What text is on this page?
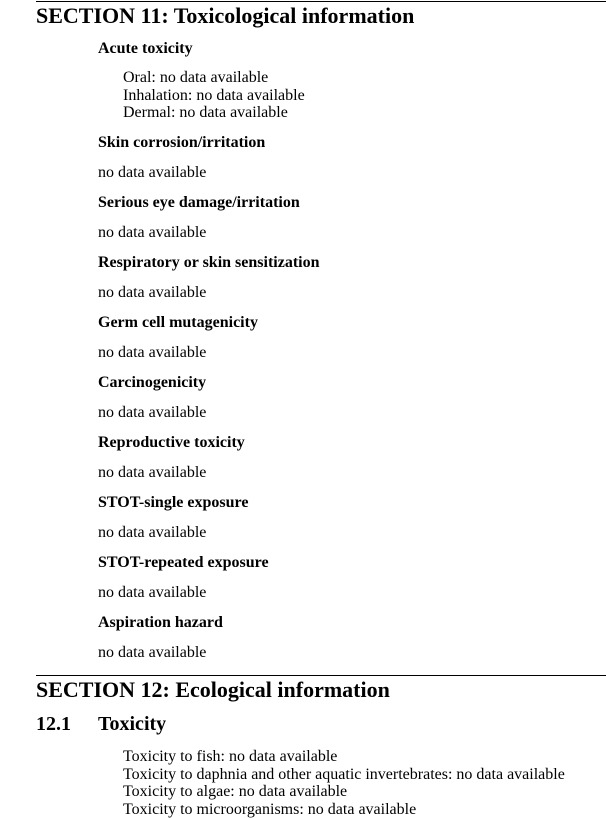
SECTION 11: Toxicological information
Acute toxicity
Oral: no data available
Inhalation: no data available
Dermal: no data available
Skin corrosion/irritation

no data available

Serious eye damage/irritation

no data available

Respiratory or skin sensitization

no data available

Germ cell mutagenicity

no data available

Carcinogenicity

no data available

Reproductive toxicity

no data available

STOT-single exposure

no data available

STOT-repeated exposure

no data available

Aspiration hazard

no data available

SECTION 12: Ecological information
12.1 Toxicity
Toxicity to fish: no data available
Toxicity to daphnia and other aquatic invertebrates: no data available
Toxicity to algae: no data available
Toxicity to microorganisms: no data available
